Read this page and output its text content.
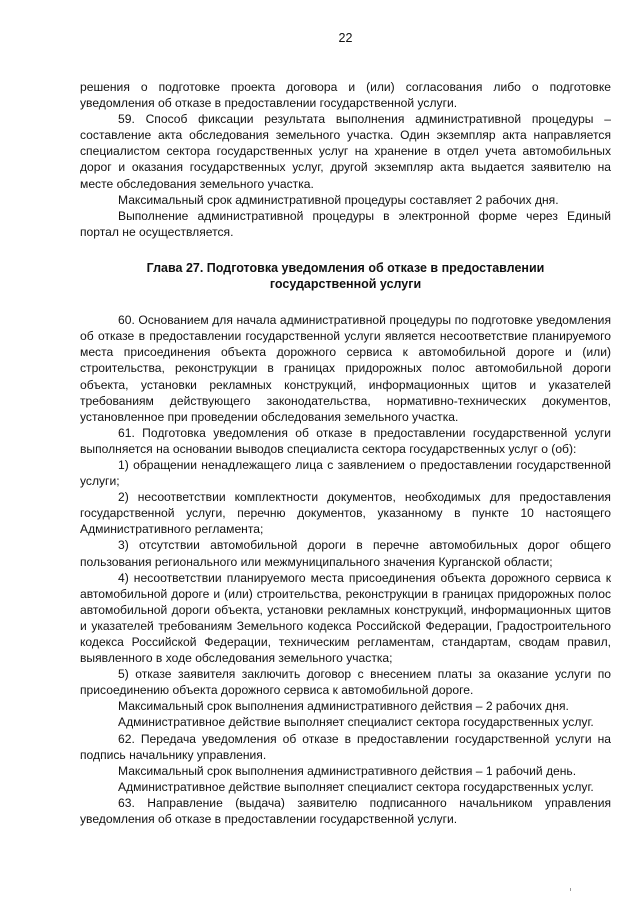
22

решения о подготовке проекта договора и (или) согласования либо о подготовке уведомления об отказе в предоставлении государственной услуги.

59. Способ фиксации результата выполнения административной процедуры – составление акта обследования земельного участка. Один экземпляр акта направляется специалистом сектора государственных услуг на хранение в отдел учета автомобильных дорог и оказания государственных услуг, другой экземпляр акта выдается заявителю на месте обследования земельного участка.

Максимальный срок административной процедуры составляет 2 рабочих дня.

Выполнение административной процедуры в электронной форме через Единый портал не осуществляется.

Глава 27. Подготовка уведомления об отказе в предоставлении
государственной услуги

60. Основанием для начала административной процедуры по подготовке уведомления об отказе в предоставлении государственной услуги является несоответствие планируемого места присоединения объекта дорожного сервиса к автомобильной дороге и (или) строительства, реконструкции в границах придорожных полос автомобильной дороги объекта, установки рекламных конструкций, информационных щитов и указателей требованиям действующего законодательства, нормативно-технических документов, установленное при проведении обследования земельного участка.

61. Подготовка уведомления об отказе в предоставлении государственной услуги выполняется на основании выводов специалиста сектора государственных услуг о (об):

1) обращении ненадлежащего лица с заявлением о предоставлении государственной услуги;

2) несоответствии комплектности документов, необходимых для предоставления государственной услуги, перечню документов, указанному в пункте 10 настоящего Административного регламента;

3) отсутствии автомобильной дороги в перечне автомобильных дорог общего пользования регионального или межмуниципального значения Курганской области;

4) несоответствии планируемого места присоединения объекта дорожного сервиса к автомобильной дороге и (или) строительства, реконструкции в границах придорожных полос автомобильной дороги объекта, установки рекламных конструкций, информационных щитов и указателей требованиям Земельного кодекса Российской Федерации, Градостроительного кодекса Российской Федерации, техническим регламентам, стандартам, сводам правил, выявленного в ходе обследования земельного участка;

5) отказе заявителя заключить договор с внесением платы за оказание услуги по присоединению объекта дорожного сервиса к автомобильной дороге.

Максимальный срок выполнения административного действия – 2 рабочих дня.

Административное действие выполняет специалист сектора государственных услуг.

62. Передача уведомления об отказе в предоставлении государственной услуги на подпись начальнику управления.

Максимальный срок выполнения административного действия – 1 рабочий день.

Административное действие выполняет специалист сектора государственных услуг.

63. Направление (выдача) заявителю подписанного начальником управления уведомления об отказе в предоставлении государственной услуги.
